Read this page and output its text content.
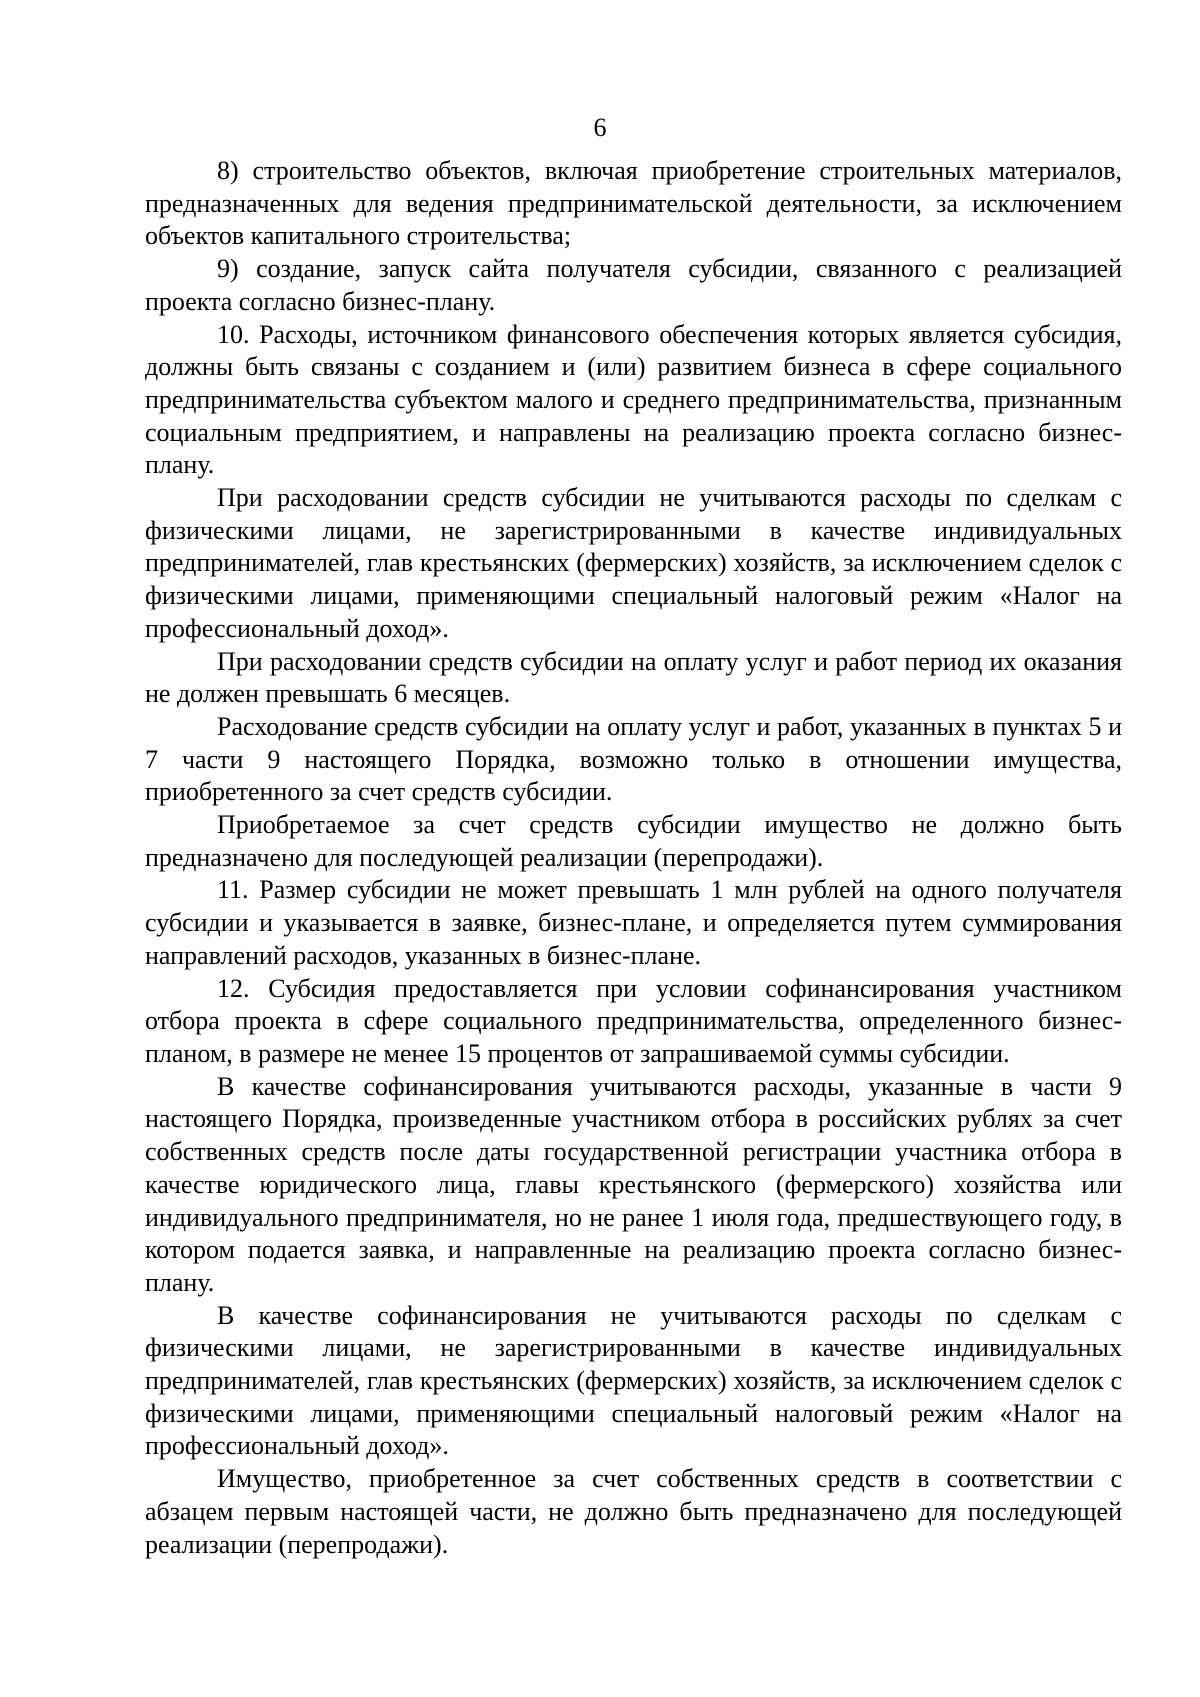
6

8) строительство объектов, включая приобретение строительных материалов, предназначенных для ведения предпринимательской деятельности, за исключением объектов капитального строительства;

9) создание, запуск сайта получателя субсидии, связанного с реализацией проекта согласно бизнес-плану.

10. Расходы, источником финансового обеспечения которых является субсидия, должны быть связаны с созданием и (или) развитием бизнеса в сфере социального предпринимательства субъектом малого и среднего предпринимательства, признанным социальным предприятием, и направлены на реализацию проекта согласно бизнес-плану.

При расходовании средств субсидии не учитываются расходы по сделкам с физическими лицами, не зарегистрированными в качестве индивидуальных предпринимателей, глав крестьянских (фермерских) хозяйств, за исключением сделок с физическими лицами, применяющими специальный налоговый режим «Налог на профессиональный доход».

При расходовании средств субсидии на оплату услуг и работ период их оказания не должен превышать 6 месяцев.

Расходование средств субсидии на оплату услуг и работ, указанных в пунктах 5 и 7 части 9 настоящего Порядка, возможно только в отношении имущества, приобретенного за счет средств субсидии.

Приобретаемое за счет средств субсидии имущество не должно быть предназначено для последующей реализации (перепродажи).

11. Размер субсидии не может превышать 1 млн рублей на одного получателя субсидии и указывается в заявке, бизнес-плане, и определяется путем суммирования направлений расходов, указанных в бизнес-плане.

12. Субсидия предоставляется при условии софинансирования участником отбора проекта в сфере социального предпринимательства, определенного бизнес-планом, в размере не менее 15 процентов от запрашиваемой суммы субсидии.

В качестве софинансирования учитываются расходы, указанные в части 9 настоящего Порядка, произведенные участником отбора в российских рублях за счет собственных средств после даты государственной регистрации участника отбора в качестве юридического лица, главы крестьянского (фермерского) хозяйства или индивидуального предпринимателя, но не ранее 1 июля года, предшествующего году, в котором подается заявка, и направленные на реализацию проекта согласно бизнес-плану.

В качестве софинансирования не учитываются расходы по сделкам с физическими лицами, не зарегистрированными в качестве индивидуальных предпринимателей, глав крестьянских (фермерских) хозяйств, за исключением сделок с физическими лицами, применяющими специальный налоговый режим «Налог на профессиональный доход».

Имущество, приобретенное за счет собственных средств в соответствии с абзацем первым настоящей части, не должно быть предназначено для последующей реализации (перепродажи).
